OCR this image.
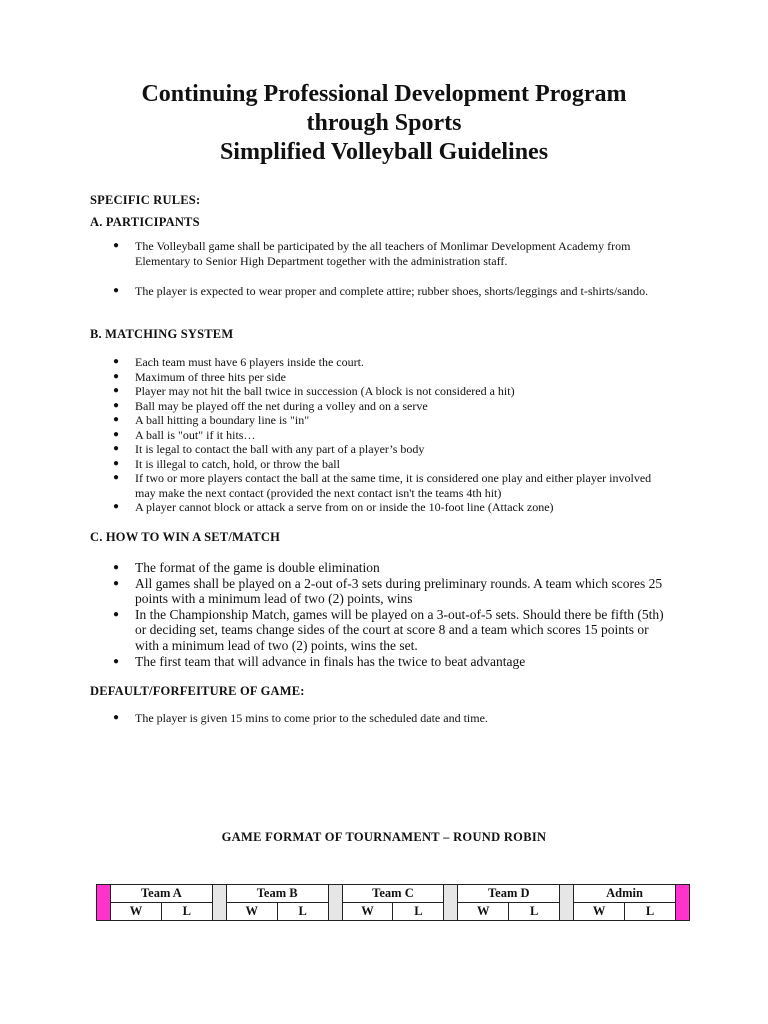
Continuing Professional Development Program
through Sports
Simplified Volleyball Guidelines
SPECIFIC RULES:
A. PARTICIPANTS
● The Volleyball game shall be participated by the all teachers of Monlimar Development Academy from Elementary to Senior High Department together with the administration staff.
● The player is expected to wear proper and complete attire; rubber shoes, shorts/leggings and t-shirts/sando.
B. MATCHING SYSTEM
● Each team must have 6 players inside the court.
● Maximum of three hits per side
● Player may not hit the ball twice in succession (A block is not considered a hit)
● Ball may be played off the net during a volley and on a serve
● A ball hitting a boundary line is "in"
● A ball is "out" if it hits…
● It is legal to contact the ball with any part of a player’s body
● It is illegal to catch, hold, or throw the ball
● If two or more players contact the ball at the same time, it is considered one play and either player involved may make the next contact (provided the next contact isn't the teams 4th hit)
● A player cannot block or attack a serve from on or inside the 10-foot line (Attack zone)
C. HOW TO WIN A SET/MATCH
● The format of the game is double elimination
● All games shall be played on a 2-out of-3 sets during preliminary rounds. A team which scores 25 points with a minimum lead of two (2) points, wins
● In the Championship Match, games will be played on a 3-out-of-5 sets. Should there be fifth (5th) or deciding set, teams change sides of the court at score 8 and a team which scores 15 points or with a minimum lead of two (2) points, wins the set.
● The first team that will advance in finals has the twice to beat advantage
DEFAULT/FORFEITURE OF GAME:
● The player is given 15 mins to come prior to the scheduled date and time.
GAME FORMAT OF TOURNAMENT – ROUND ROBIN
	Team A			Team B			Team C			Team D			Admin		
	W	L		W	L		W	L		W	L		W	L	
